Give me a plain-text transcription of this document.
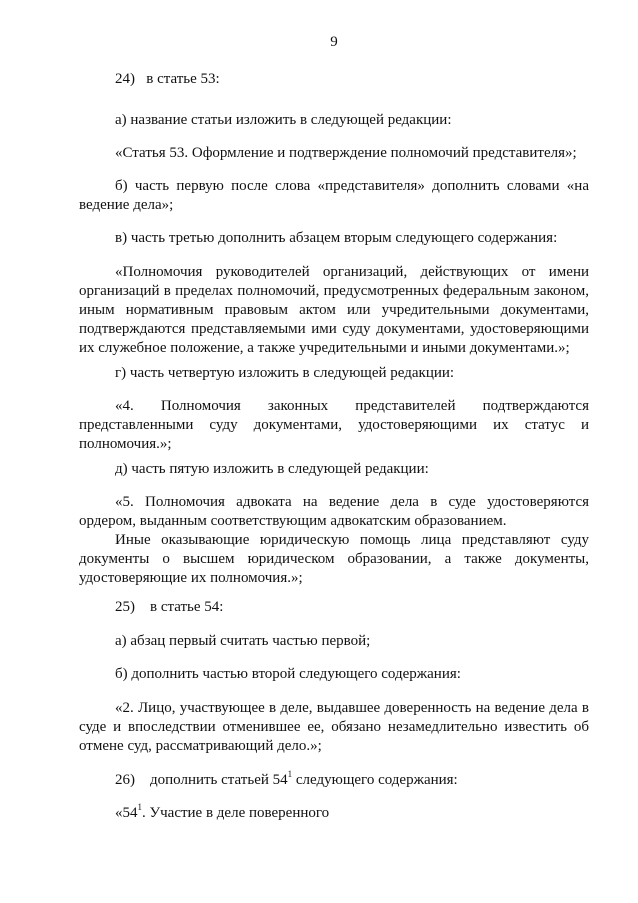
9

24)   в статье 53:

а) название статьи изложить в следующей редакции:

«Статья 53. Оформление и подтверждение полномочий представителя»;

б) часть первую после слова «представителя» дополнить словами «на
ведение дела»;

в) часть третью дополнить абзацем вторым следующего содержания:

«Полномочия руководителей организаций, действующих от имени
организаций в пределах полномочий, предусмотренных федеральным законом,
иным нормативным правовым актом или учредительными документами,
подтверждаются представляемыми ими суду документами, удостоверяющими
их служебное положение, а также учредительными и иными документами.»;

г) часть четвертую изложить в следующей редакции:

«4. Полномочия законных представителей подтверждаются
представленными суду документами, удостоверяющими их статус и
полномочия.»;

д) часть пятую изложить в следующей редакции:

«5. Полномочия адвоката на ведение дела в суде удостоверяются
ордером, выданным соответствующим адвокатским образованием.
Иные оказывающие юридическую помощь лица представляют суду
документы о высшем юридическом образовании, а также документы,
удостоверяющие их полномочия.»;

25)    в статье 54:

а) абзац первый считать частью первой;

б) дополнить частью второй следующего содержания:

«2. Лицо, участвующее в деле, выдавшее доверенность на ведение дела в
суде и впоследствии отменившее ее, обязано незамедлительно известить об
отмене суд, рассматривающий дело.»;

26)    дополнить статьей $54^1$ следующего содержания:

«$54^1$. Участие в деле поверенного
